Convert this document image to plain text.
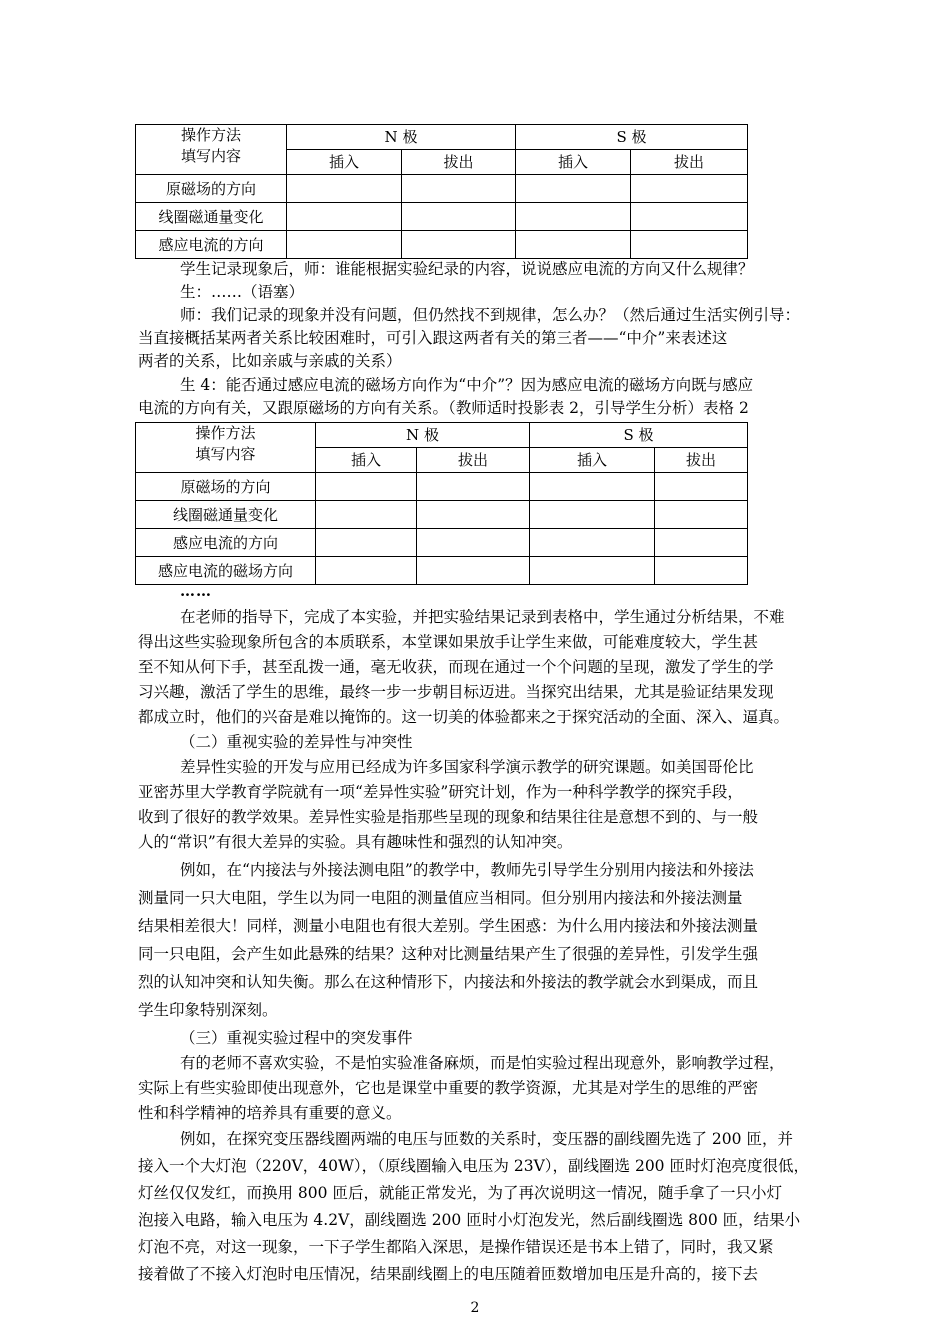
操作方法
填写内容	N 极		S 极	
	插入	拔出	插入	拔出
原磁场的方向				
线圈磁通量变化				
感应电流的方向				
学生记录现象后，师：谁能根据实验纪录的内容，说说感应电流的方向又什么规律？
生：……（语塞）
师：我们记录的现象并没有问题，但仍然找不到规律，怎么办？（然后通过生活实例引导：
当直接概括某两者关系比较困难时，可引入跟这两者有关的第三者——“中介”来表述这
两者的关系，比如亲戚与亲戚的关系）
生 4：能否通过感应电流的磁场方向作为“中介”？因为感应电流的磁场方向既与感应
电流的方向有关，又跟原磁场的方向有关系。（教师适时投影表 2，引导学生分析）表格 2
操作方法
填写内容	N 极		S 极	
	插入	拔出	插入	拔出
原磁场的方向				
线圈磁通量变化				
感应电流的方向				
感应电流的磁场方向				
……
在老师的指导下，完成了本实验，并把实验结果记录到表格中，学生通过分析结果，不难
得出这些实验现象所包含的本质联系，本堂课如果放手让学生来做，可能难度较大，学生甚
至不知从何下手，甚至乱拨一通，毫无收获，而现在通过一个个问题的呈现，激发了学生的学
习兴趣，激活了学生的思维，最终一步一步朝目标迈进。当探究出结果，尤其是验证结果发现
都成立时，他们的兴奋是难以掩饰的。这一切美的体验都来之于探究活动的全面、深入、逼真。
（二）重视实验的差异性与冲突性
差异性实验的开发与应用已经成为许多国家科学演示教学的研究课题。如美国哥伦比
亚密苏里大学教育学院就有一项“差异性实验”研究计划，作为一种科学教学的探究手段，
收到了很好的教学效果。差异性实验是指那些呈现的现象和结果往往是意想不到的、与一般
人的“常识”有很大差异的实验。具有趣味性和强烈的认知冲突。
例如，在“内接法与外接法测电阻”的教学中，教师先引导学生分别用内接法和外接法
测量同一只大电阻，学生以为同一电阻的测量值应当相同。但分别用内接法和外接法测量
结果相差很大！同样，测量小电阻也有很大差别。学生困惑：为什么用内接法和外接法测量
同一只电阻，会产生如此悬殊的结果？这种对比测量结果产生了很强的差异性，引发学生强
烈的认知冲突和认知失衡。那么在这种情形下，内接法和外接法的教学就会水到渠成，而且
学生印象特别深刻。
（三）重视实验过程中的突发事件
有的老师不喜欢实验，不是怕实验准备麻烦，而是怕实验过程出现意外，影响教学过程，
实际上有些实验即使出现意外，它也是课堂中重要的教学资源，尤其是对学生的思维的严密
性和科学精神的培养具有重要的意义。
例如，在探究变压器线圈两端的电压与匝数的关系时，变压器的副线圈先选了 200 匝，并
接入一个大灯泡（220V，40W），（原线圈输入电压为 23V），副线圈选 200 匝时灯泡亮度很低，
灯丝仅仅发红，而换用 800 匝后，就能正常发光，为了再次说明这一情况，随手拿了一只小灯
泡接入电路，输入电压为 4.2V，副线圈选 200 匝时小灯泡发光，然后副线圈选 800 匝，结果小
灯泡不亮，对这一现象，一下子学生都陷入深思，是操作错误还是书本上错了，同时，我又紧
接着做了不接入灯泡时电压情况，结果副线圈上的电压随着匝数增加电压是升高的，接下去
2
